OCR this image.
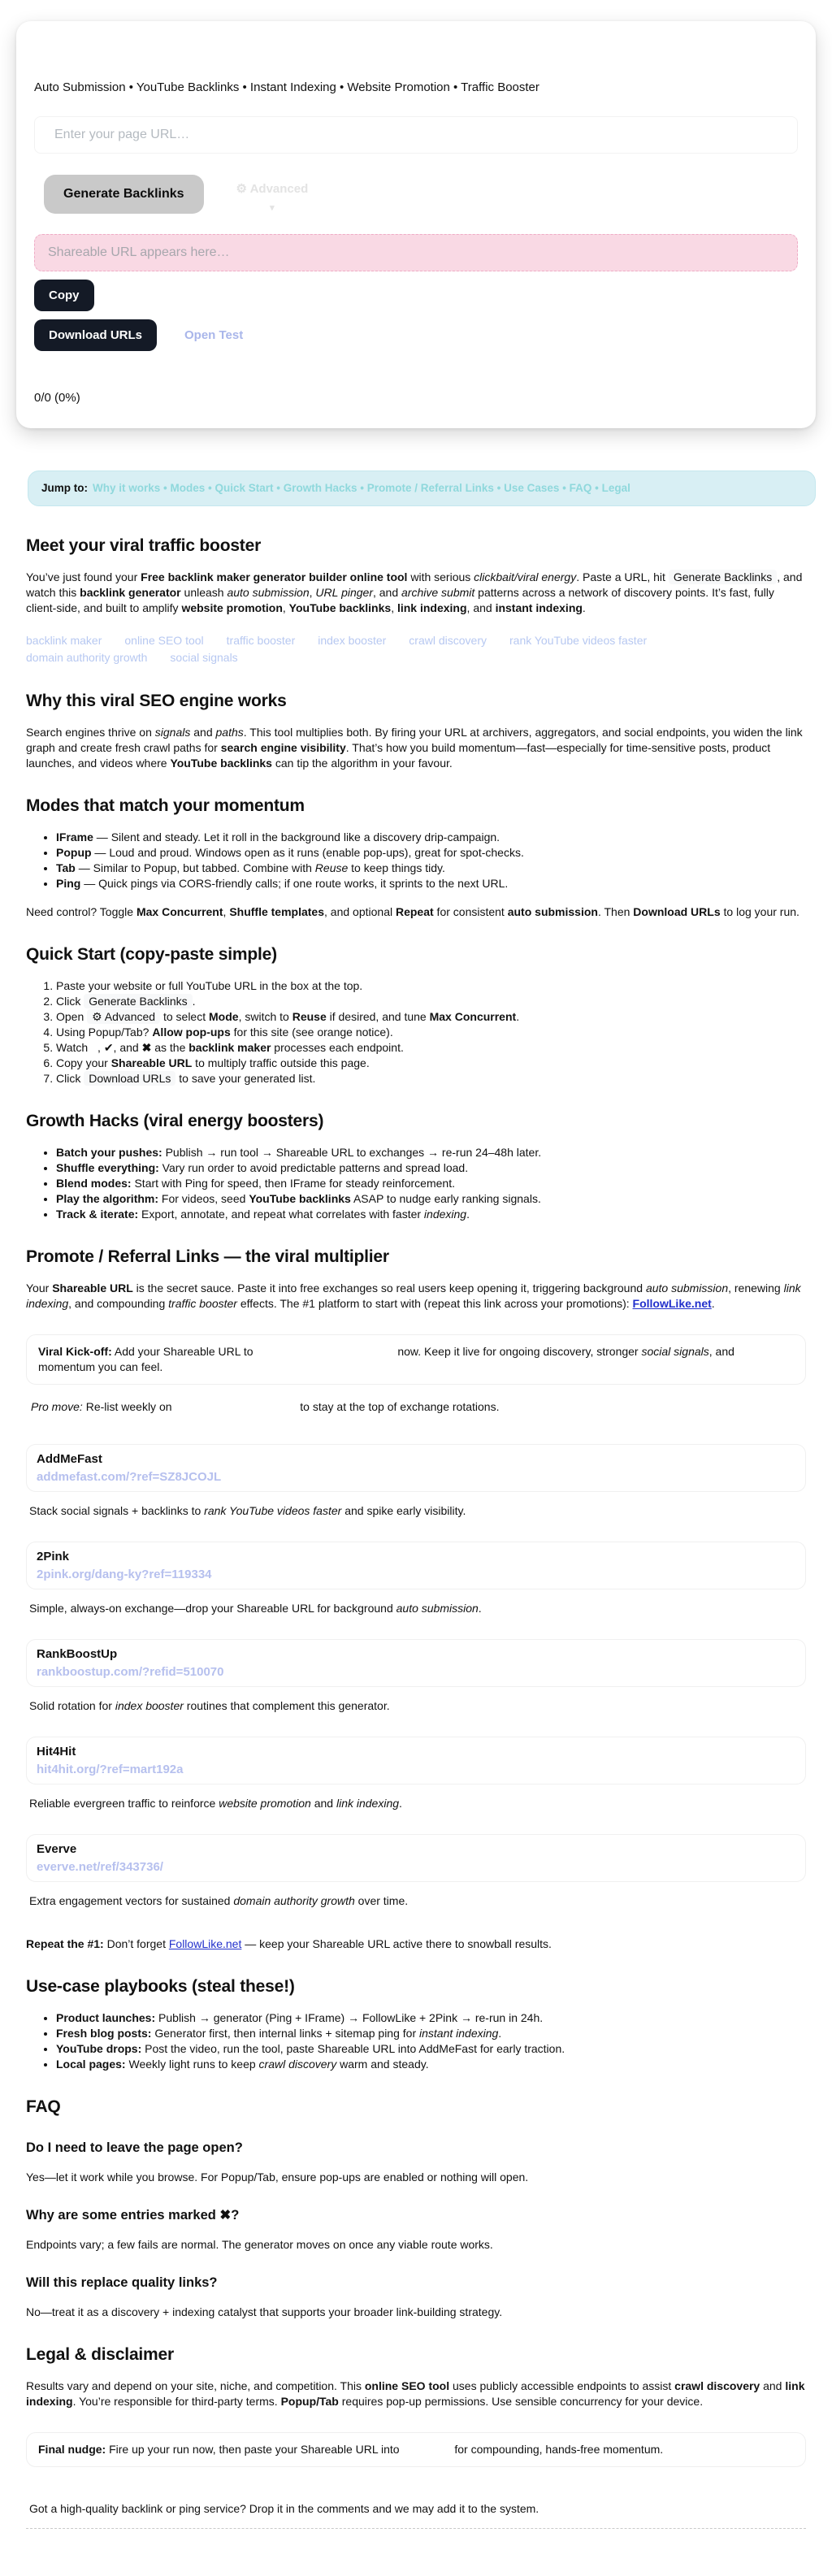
Auto Submission • YouTube Backlinks • Instant Indexing • Website Promotion • Traffic Booster

Enter your page URL…
Generate Backlinks	⚙ Advanced
▾
Shareable URL appears here…
Copy
Download URLs	Open Test
0/0 (0%)
Jump to: Why it works • Modes • Quick Start • Growth Hacks • Promote / Referral Links • Use Cases • FAQ • Legal
Meet your viral traffic booster

You’ve just found your Free backlink maker generator builder online tool with serious clickbait/viral energy. Paste a URL, hit Generate Backlinks , and watch this backlink generator unleash auto submission, URL pinger, and archive submit patterns across a network of discovery points. It’s fast, fully client-side, and built to amplify website promotion, YouTube backlinks, link indexing, and instant indexing.

backlink maker online SEO tool traffic booster index booster crawl discovery rank YouTube videos fasterdomain authority growth social signals
Why this viral SEO engine works

Search engines thrive on signals and paths. This tool multiplies both. By firing your URL at archivers, aggregators, and social endpoints, you widen the link graph and create fresh crawl paths for search engine visibility. That’s how you build momentum—fast—especially for time-sensitive posts, product launches, and videos where YouTube backlinks can tip the algorithm in your favour.

Modes that match your momentum
• IFrame — Silent and steady. Let it roll in the background like a discovery drip-campaign.
• Popup — Loud and proud. Windows open as it runs (enable pop-ups), great for spot-checks.
• Tab — Similar to Popup, but tabbed. Combine with Reuse to keep things tidy.
• Ping — Quick pings via CORS-friendly calls; if one route works, it sprints to the next URL.

Need control? Toggle Max Concurrent, Shuffle templates, and optional Repeat for consistent auto submission. Then Download URLs to log your run.

Quick Start (copy-paste simple)
1. Paste your website or full YouTube URL in the box at the top.
2. Click Generate Backlinks .
3. Open ⚙ Advanced to select Mode, switch to Reuse if desired, and tune Max Concurrent.
4. Using Popup/Tab? Allow pop-ups for this site (see orange notice).
5. Watch , ✔, and ✖ as the backlink maker processes each endpoint.
6. Copy your Shareable URL to multiply traffic outside this page.
7. Click Download URLs to save your generated list.
Growth Hacks (viral energy boosters)
• Batch your pushes: Publish → run tool → Shareable URL to exchanges → re-run 24–48h later.
• Shuffle everything: Vary run order to avoid predictable patterns and spread load.
• Blend modes: Start with Ping for speed, then IFrame for steady reinforcement.
• Play the algorithm: For videos, seed YouTube backlinks ASAP to nudge early ranking signals.
• Track & iterate: Export, annotate, and repeat what correlates with faster indexing.
Promote / Referral Links — the viral multiplier

Your Shareable URL is the secret sauce. Paste it into free exchanges so real users keep opening it, triggering background auto submission, renewing link indexing, and compounding traffic booster effects. The #1 platform to start with (repeat this link across your promotions): FollowLike.net.

Viral Kick-off: Add your Shareable URL to	now. Keep it live for ongoing discovery, stronger social signals, and momentum you can feel.

Pro move: Re-list weekly on	to stay at the top of exchange rotations.

AddMeFast
addmefast.com/?ref=SZ8JCOJL

Stack social signals + backlinks to rank YouTube videos faster and spike early visibility.

2Pink
2pink.org/dang-ky?ref=119334

Simple, always-on exchange—drop your Shareable URL for background auto submission.

RankBoostUp
rankboostup.com/?refid=510070

Solid rotation for index booster routines that complement this generator.

Hit4Hit
hit4hit.org/?ref=mart192a

Reliable evergreen traffic to reinforce website promotion and link indexing.

Everve
everve.net/ref/343736/

Extra engagement vectors for sustained domain authority growth over time.

Repeat the #1: Don’t forget FollowLike.net — keep your Shareable URL active there to snowball results.

Use-case playbooks (steal these!)
• Product launches: Publish → generator (Ping + IFrame) → FollowLike + 2Pink → re-run in 24h.
• Fresh blog posts: Generator first, then internal links + sitemap ping for instant indexing.
• YouTube drops: Post the video, run the tool, paste Shareable URL into AddMeFast for early traction.
• Local pages: Weekly light runs to keep crawl discovery warm and steady.
FAQ
Do I need to leave the page open?

Yes—let it work while you browse. For Popup/Tab, ensure pop-ups are enabled or nothing will open.

Why are some entries marked ✖?

Endpoints vary; a few fails are normal. The generator moves on once any viable route works.

Will this replace quality links?

No—treat it as a discovery + indexing catalyst that supports your broader link-building strategy.

Legal & disclaimer

Results vary and depend on your site, niche, and competition. This online SEO tool uses publicly accessible endpoints to assist crawl discovery and link indexing. You’re responsible for third-party terms. Popup/Tab requires pop-up permissions. Use sensible concurrency for your device.

Final nudge: Fire up your run now, then paste your Shareable URL into	for compounding, hands-free momentum.

Got a high-quality backlink or ping service? Drop it in the comments and we may add it to the system.
